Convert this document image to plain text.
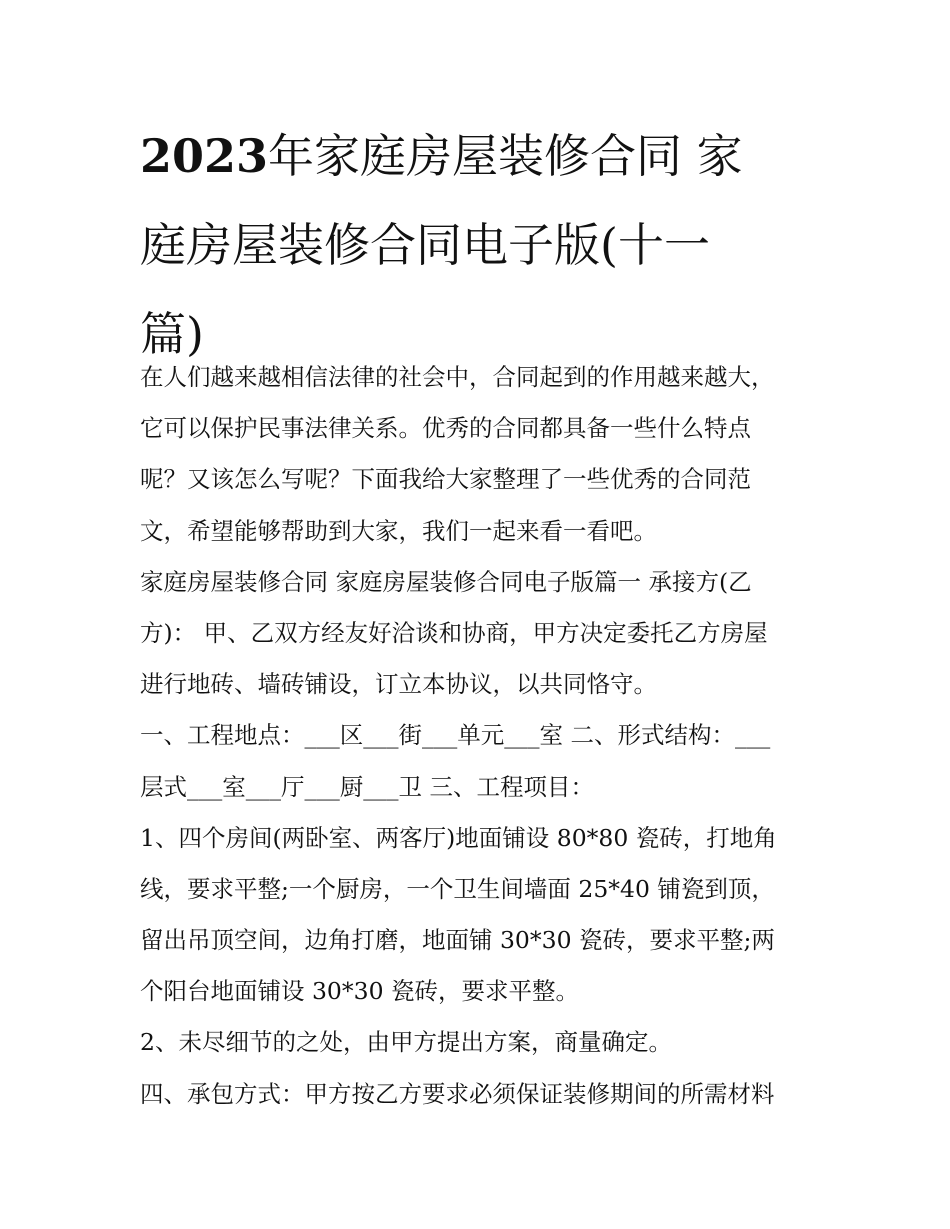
2023年家庭房屋装修合同 家
庭房屋装修合同电子版(十一
篇)
在人们越来越相信法律的社会中，合同起到的作用越来越大，
它可以保护民事法律关系。优秀的合同都具备一些什么特点
呢？又该怎么写呢？下面我给大家整理了一些优秀的合同范
文，希望能够帮助到大家，我们一起来看一看吧。
家庭房屋装修合同 家庭房屋装修合同电子版篇一 承接方(乙
方)： 甲、乙双方经友好洽谈和协商，甲方决定委托乙方房屋
进行地砖、墙砖铺设，订立本协议，以共同恪守。
一、工程地点：___区___街___单元___室 二、形式结构：___
层式___室___厅___厨___卫 三、工程项目：
1、四个房间(两卧室、两客厅)地面铺设 80*80 瓷砖，打地角
线，要求平整;一个厨房，一个卫生间墙面 25*40 铺瓷到顶，
留出吊顶空间，边角打磨，地面铺 30*30 瓷砖，要求平整;两
个阳台地面铺设 30*30 瓷砖，要求平整。
2、未尽细节的之处，由甲方提出方案，商量确定。
四、承包方式：甲方按乙方要求必须保证装修期间的所需材料
